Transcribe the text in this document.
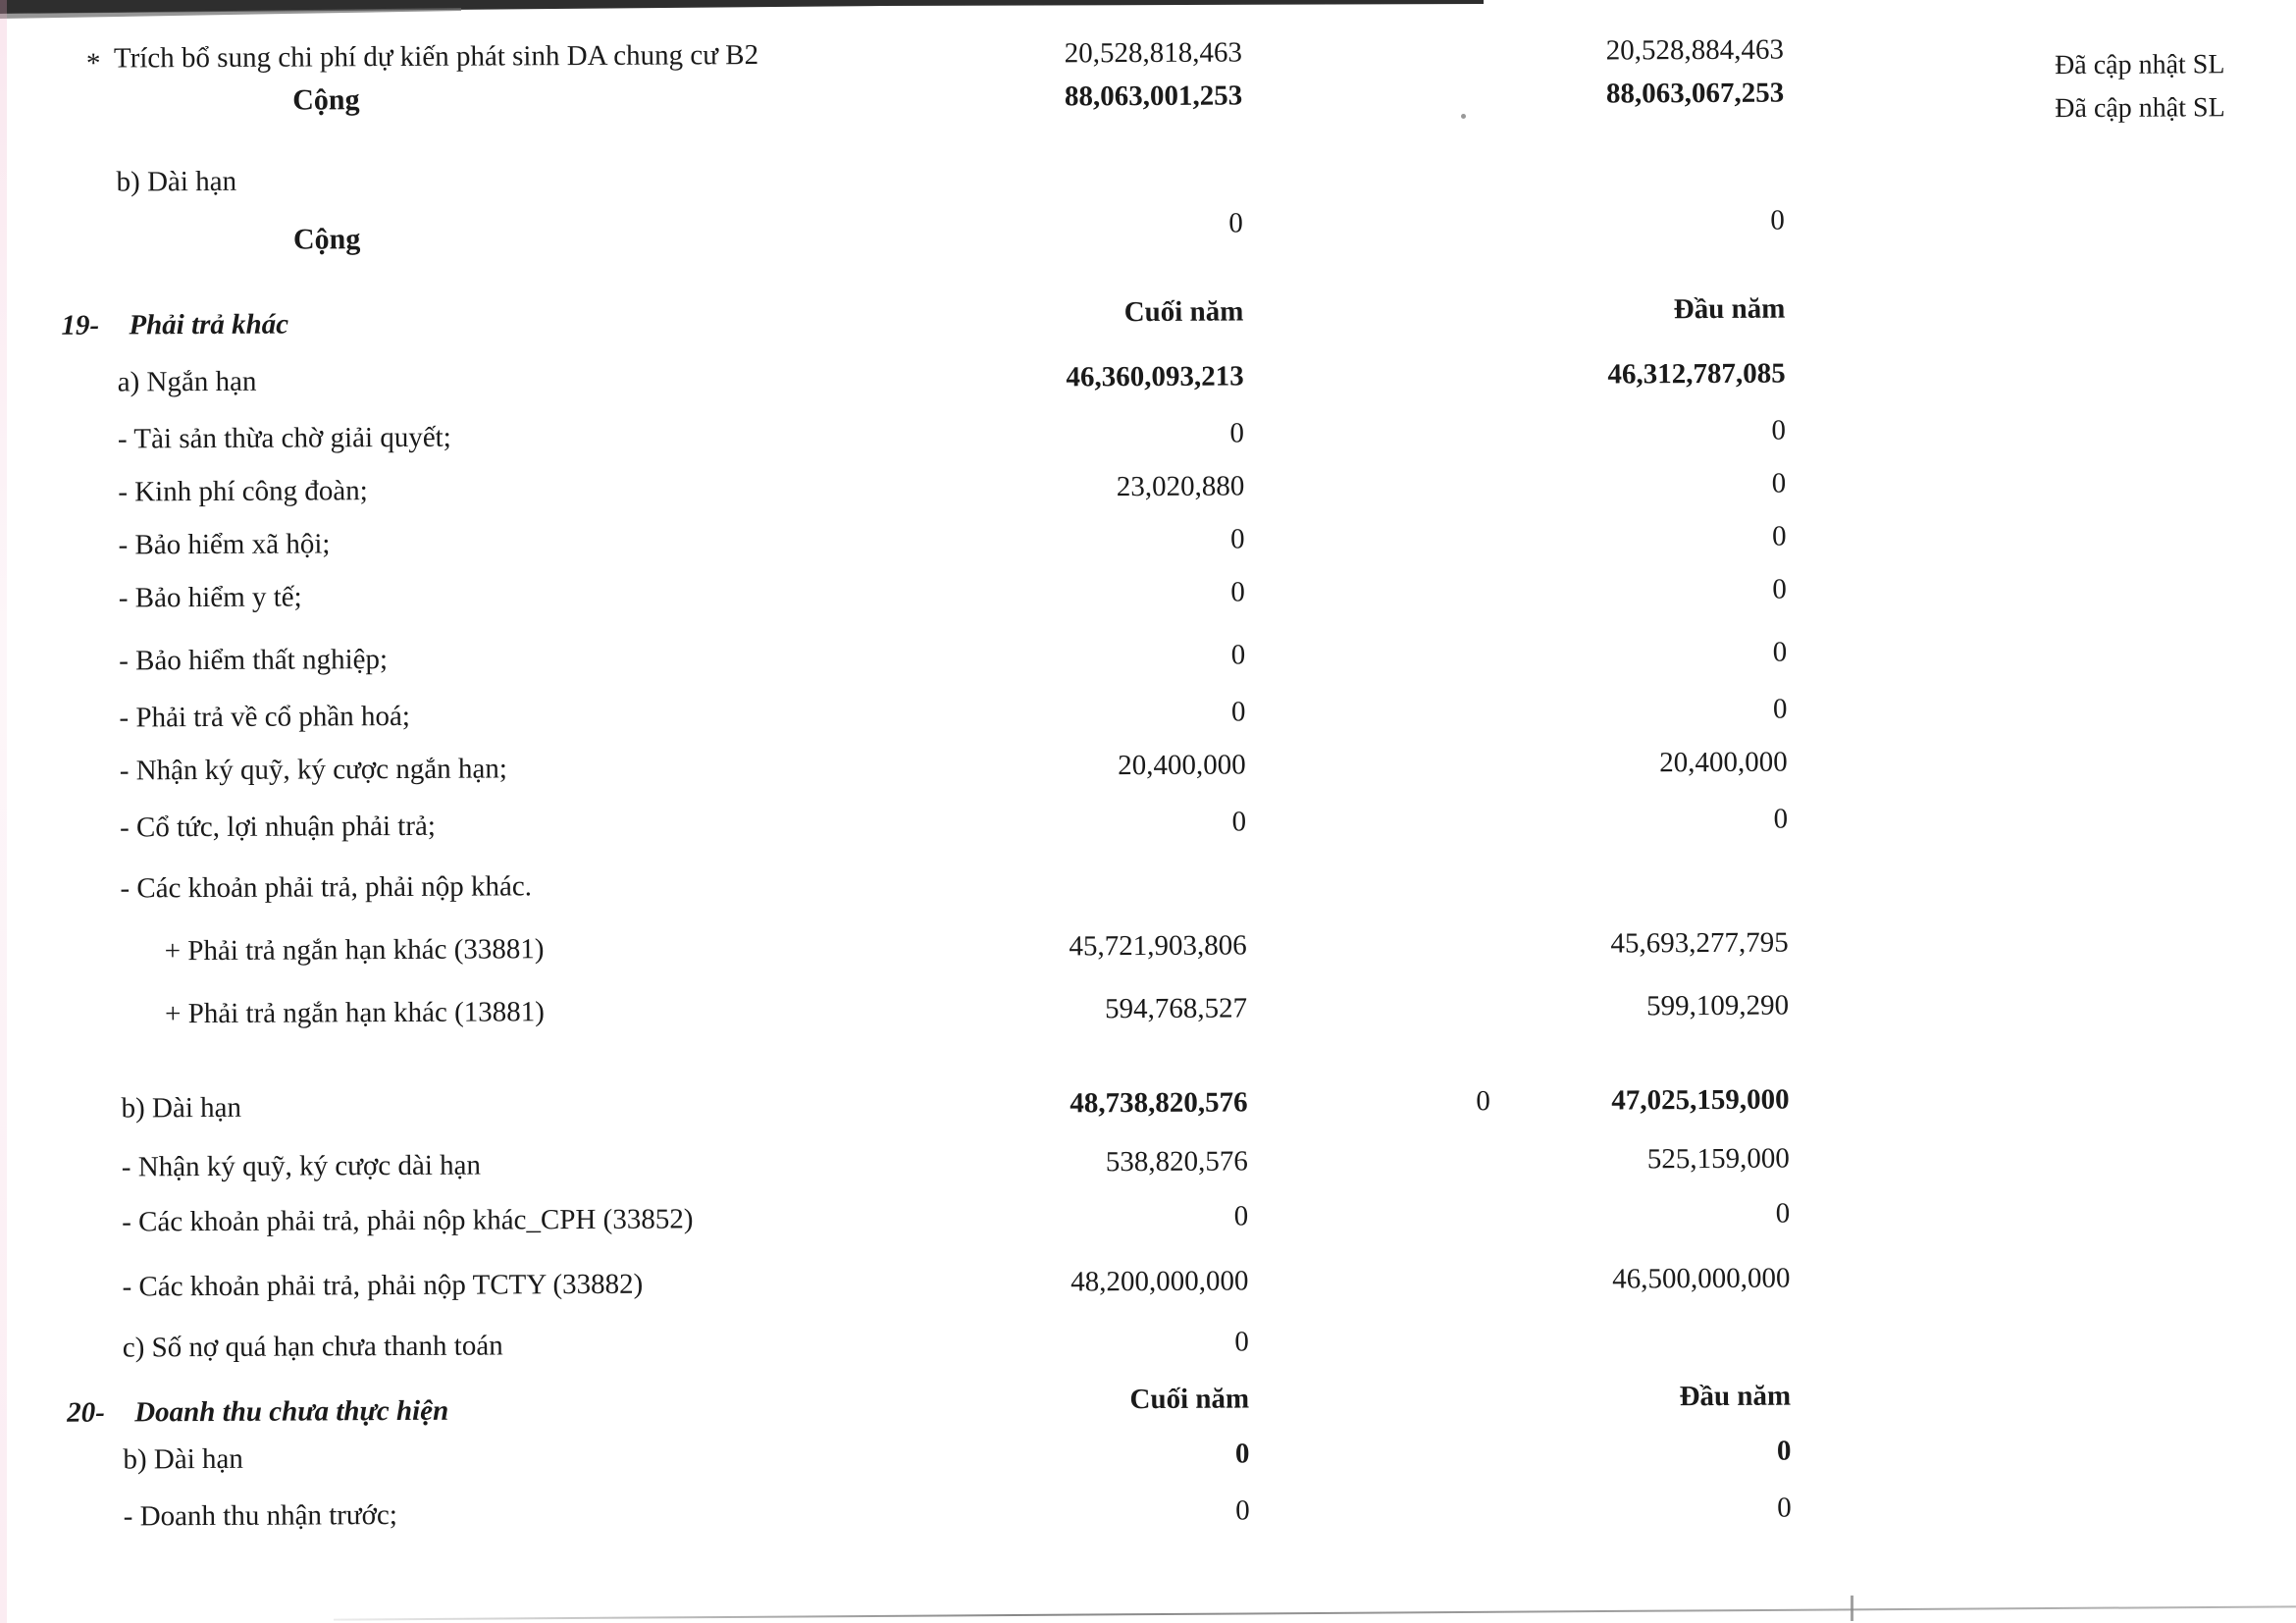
* Trích bổ sung chi phí dự kiến phát sinh DA chung cư B2	20,528,818,463	20,528,884,463	Đã cập nhật SL
Cộng	88,063,001,253	88,063,067,253	Đã cập nhật SL
b) Dài hạn
Cộng	0	0
19- Phải trả khác	Cuối năm	Đầu năm
a) Ngắn hạn	46,360,093,213	46,312,787,085
- Tài sản thừa chờ giải quyết;	0	0
- Kinh phí công đoàn;	23,020,880	0
- Bảo hiểm xã hội;	0	0
- Bảo hiểm y tế;	0	0
- Bảo hiểm thất nghiệp;	0	0
- Phải trả về cổ phần hoá;	0	0
- Nhận ký quỹ, ký cược ngắn hạn;	20,400,000	20,400,000
- Cổ tức, lợi nhuận phải trả;	0	0
- Các khoản phải trả, phải nộp khác.
+ Phải trả ngắn hạn khác (33881)	45,721,903,806	45,693,277,795
+ Phải trả ngắn hạn khác (13881)	594,768,527	599,109,290
b) Dài hạn	48,738,820,576	0	47,025,159,000
- Nhận ký quỹ, ký cược dài hạn	538,820,576	525,159,000
- Các khoản phải trả, phải nộp khác_CPH (33852)	0	0
- Các khoản phải trả, phải nộp TCTY (33882)	48,200,000,000	46,500,000,000
c) Số nợ quá hạn chưa thanh toán	0
20- Doanh thu chưa thực hiện	Cuối năm	Đầu năm
b) Dài hạn	0	0
- Doanh thu nhận trước;	0	0
